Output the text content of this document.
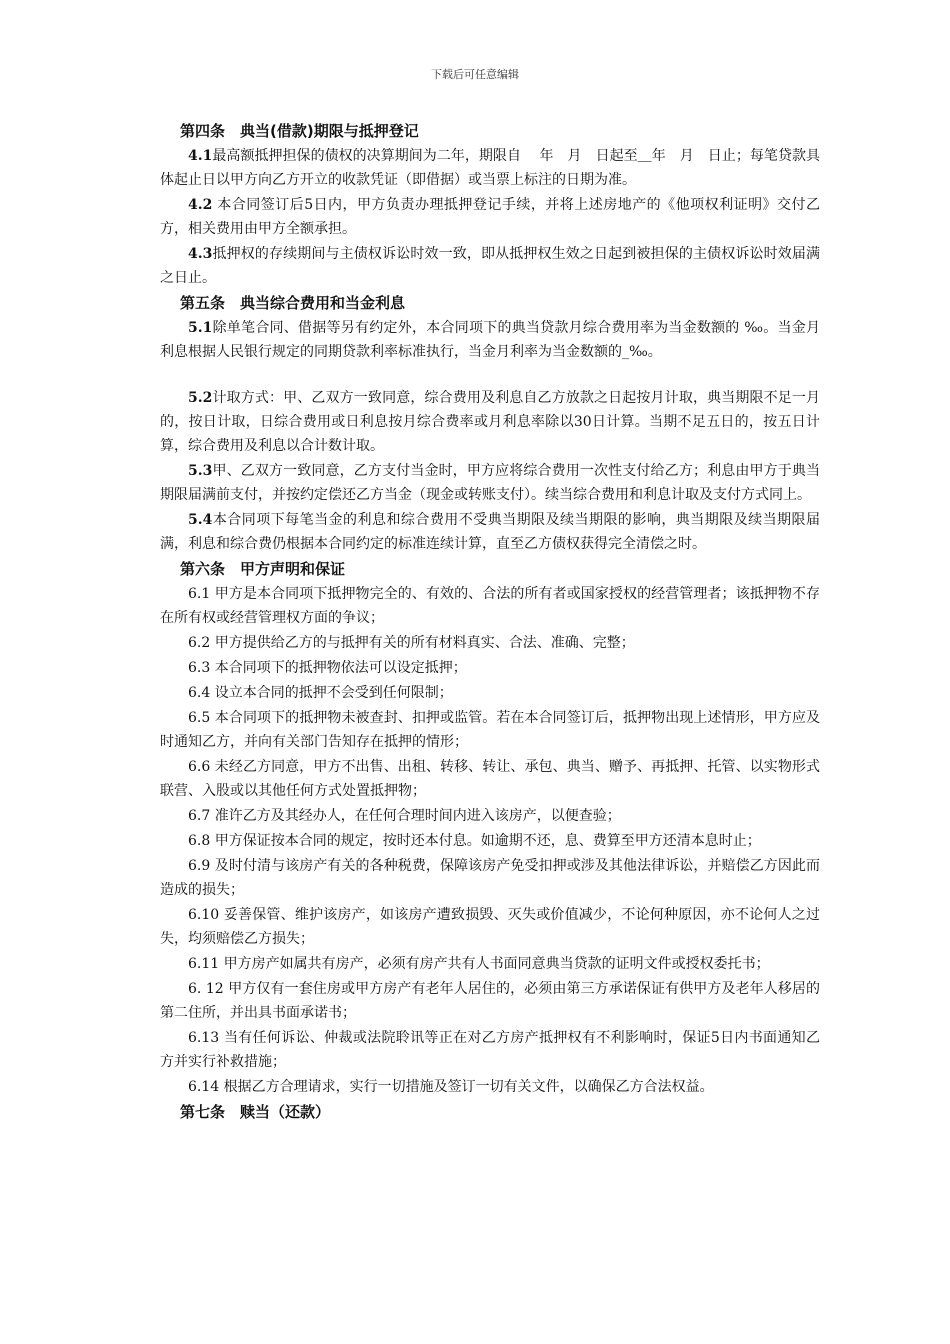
下载后可任意编辑
第四条　典当(借款)期限与抵押登记

4.1最高额抵押担保的债权的决算期间为二年，期限自　 年　月　日起至＿年　月　日止；每笔贷款具体起止日以甲方向乙方开立的收款凭证（即借据）或当票上标注的日期为准。

4.2 本合同签订后5日内，甲方负责办理抵押登记手续，并将上述房地产的《他项权利证明》交付乙方，相关费用由甲方全额承担。

4.3抵押权的存续期间与主债权诉讼时效一致，即从抵押权生效之日起到被担保的主债权诉讼时效届满之日止。

第五条　典当综合费用和当金利息

5.1除单笔合同、借据等另有约定外，本合同项下的典当贷款月综合费用率为当金数额的 ‰。当金月利息根据人民银行规定的同期贷款利率标准执行，当金月利率为当金数额的_‰。

5.2计取方式：甲、乙双方一致同意，综合费用及利息自乙方放款之日起按月计取，典当期限不足一月的，按日计取，日综合费用或日利息按月综合费率或月利息率除以30日计算。当期不足五日的，按五日计算，综合费用及利息以合计数计取。

5.3甲、乙双方一致同意，乙方支付当金时，甲方应将综合费用一次性支付给乙方；利息由甲方于典当期限届满前支付，并按约定偿还乙方当金（现金或转账支付）。续当综合费用和利息计取及支付方式同上。

5.4本合同项下每笔当金的利息和综合费用不受典当期限及续当期限的影响，典当期限及续当期限届满，利息和综合费仍根据本合同约定的标准连续计算，直至乙方债权获得完全清偿之时。

第六条　甲方声明和保证

6.1 甲方是本合同项下抵押物完全的、有效的、合法的所有者或国家授权的经营管理者；该抵押物不存在所有权或经营管理权方面的争议；

6.2 甲方提供给乙方的与抵押有关的所有材料真实、合法、准确、完整；

6.3 本合同项下的抵押物依法可以设定抵押；

6.4 设立本合同的抵押不会受到任何限制；

6.5 本合同项下的抵押物未被查封、扣押或监管。若在本合同签订后，抵押物出现上述情形，甲方应及时通知乙方，并向有关部门告知存在抵押的情形；

6.6 未经乙方同意，甲方不出售、出租、转移、转让、承包、典当、赠予、再抵押、托管、以实物形式联营、入股或以其他任何方式处置抵押物；

6.7 准许乙方及其经办人，在任何合理时间内进入该房产，以便查验；

6.8 甲方保证按本合同的规定，按时还本付息。如逾期不还，息、费算至甲方还清本息时止；

6.9 及时付清与该房产有关的各种税费，保障该房产免受扣押或涉及其他法律诉讼，并赔偿乙方因此而造成的损失；

6.10 妥善保管、维护该房产，如该房产遭致损毁、灭失或价值减少，不论何种原因，亦不论何人之过失，均须赔偿乙方损失；

6.11 甲方房产如属共有房产，必须有房产共有人书面同意典当贷款的证明文件或授权委托书；

6. 12 甲方仅有一套住房或甲方房产有老年人居住的，必须由第三方承诺保证有供甲方及老年人移居的第二住所，并出具书面承诺书；

6.13 当有任何诉讼、仲裁或法院聆讯等正在对乙方房产抵押权有不利影响时，保证5日内书面通知乙方并实行补救措施；

6.14 根据乙方合理请求，实行一切措施及签订一切有关文件，以确保乙方合法权益。

第七条　赎当（还款）
